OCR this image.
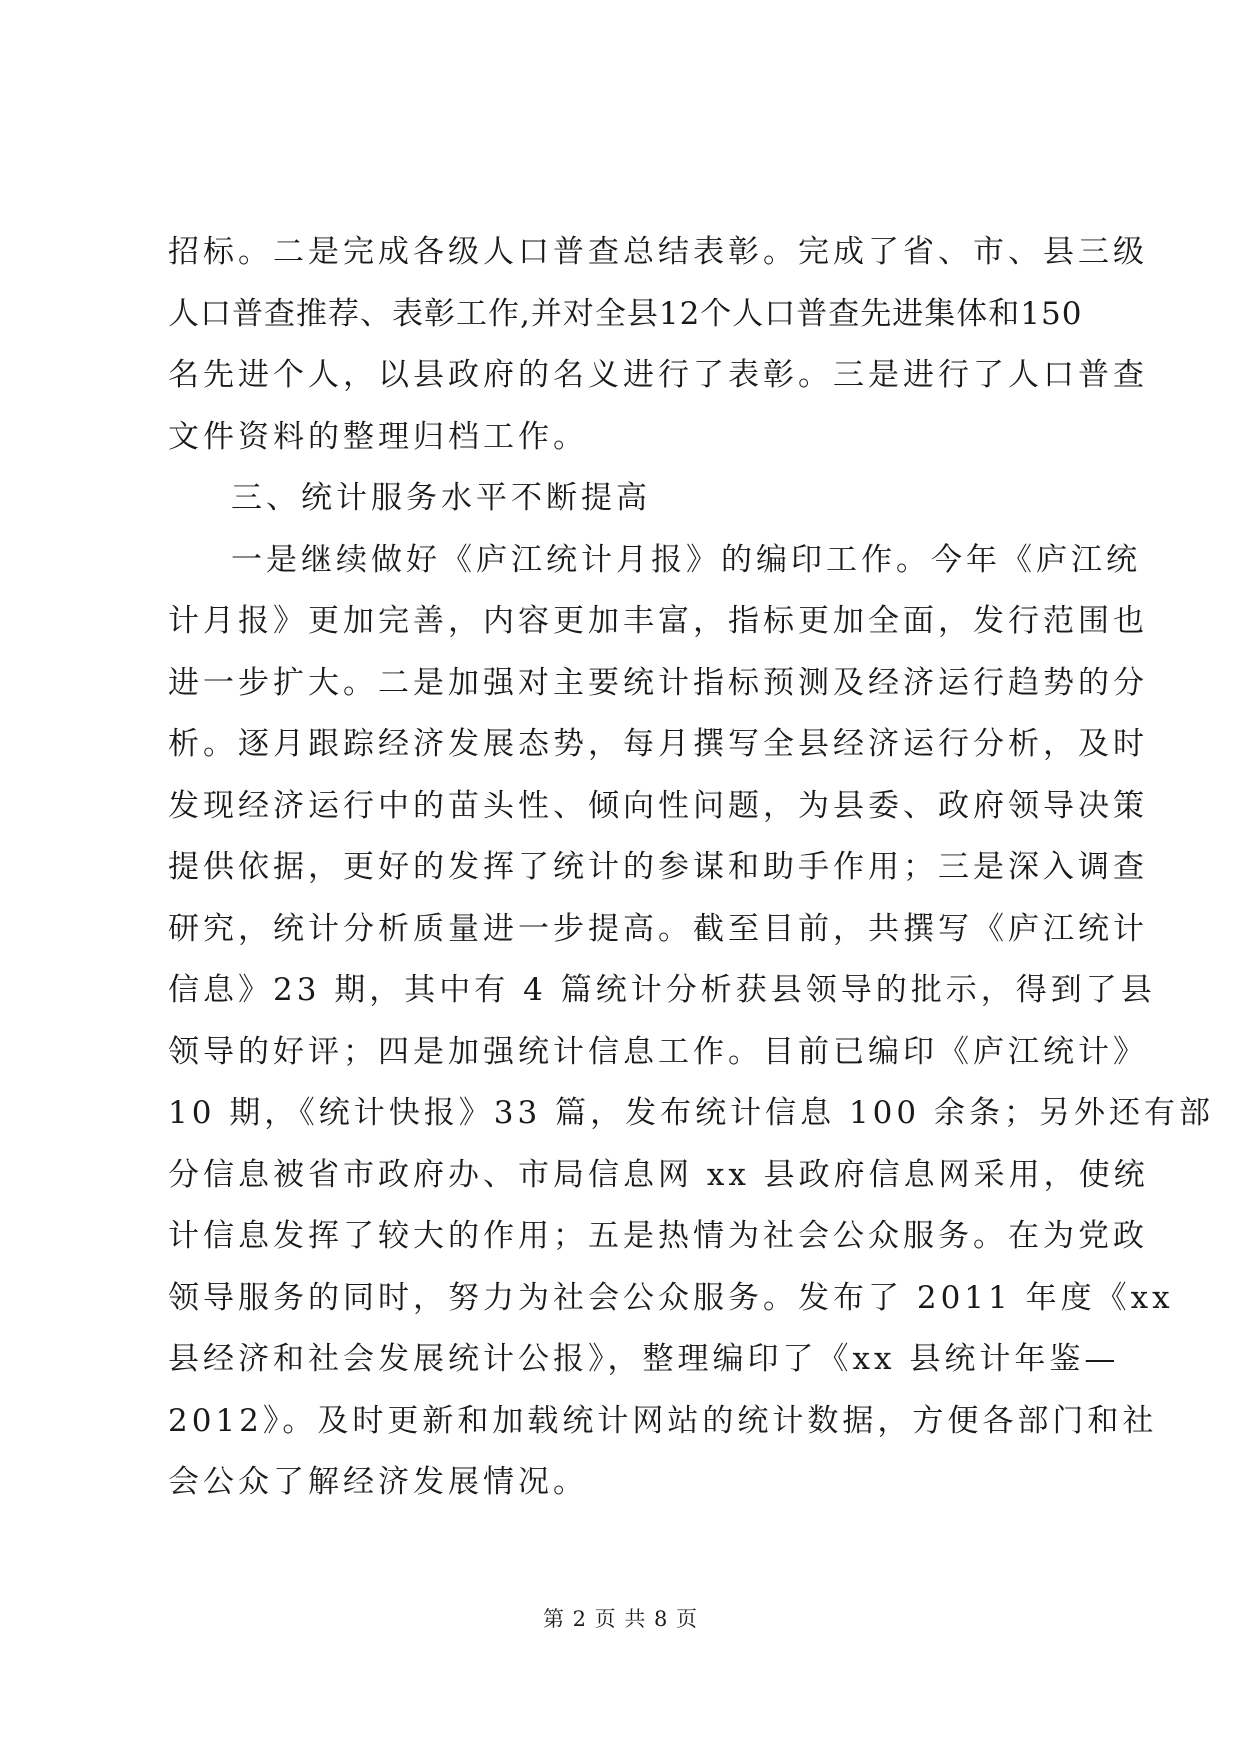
招标。二是完成各级人口普查总结表彰。完成了省、市、县三级
人口普查推荐、表彰工作,并对全县12个人口普查先进集体和150
名先进个人，以县政府的名义进行了表彰。三是进行了人口普查
文件资料的整理归档工作。
三、统计服务水平不断提高
一是继续做好《庐江统计月报》的编印工作。今年《庐江统
计月报》更加完善，内容更加丰富，指标更加全面，发行范围也
进一步扩大。二是加强对主要统计指标预测及经济运行趋势的分
析。逐月跟踪经济发展态势，每月撰写全县经济运行分析，及时
发现经济运行中的苗头性、倾向性问题，为县委、政府领导决策
提供依据，更好的发挥了统计的参谋和助手作用；三是深入调查
研究，统计分析质量进一步提高。截至目前，共撰写《庐江统计
信息》23 期，其中有 4 篇统计分析获县领导的批示，得到了县
领导的好评；四是加强统计信息工作。目前已编印《庐江统计》
10 期，《统计快报》33 篇，发布统计信息 100 余条；另外还有部
分信息被省市政府办、市局信息网 xx 县政府信息网采用，使统
计信息发挥了较大的作用；五是热情为社会公众服务。在为党政
领导服务的同时，努力为社会公众服务。发布了 2011 年度《xx
县经济和社会发展统计公报》，整理编印了《xx 县统计年鉴—
2012》。及时更新和加载统计网站的统计数据，方便各部门和社
会公众了解经济发展情况。
第 2 页 共 8 页
